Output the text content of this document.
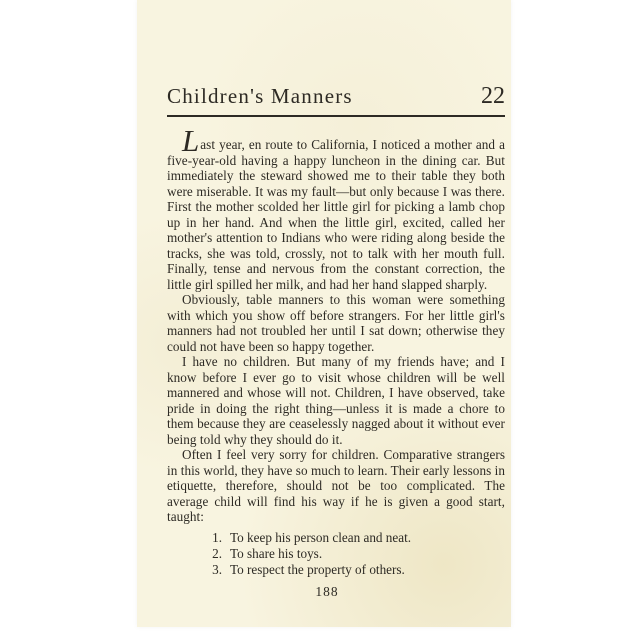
Children's Manners	22

Last year, en route to California, I noticed a mother and a five-year-old having a happy luncheon in the dining car. But immediately the steward showed me to their table they both were miserable. It was my fault—but only because I was there. First the mother scolded her little girl for picking a lamb chop up in her hand. And when the little girl, excited, called her mother's attention to Indians who were riding along beside the tracks, she was told, crossly, not to talk with her mouth full. Finally, tense and nervous from the constant correction, the little girl spilled her milk, and had her hand slapped sharply.

Obviously, table manners to this woman were something with which you show off before strangers. For her little girl's manners had not troubled her until I sat down; otherwise they could not have been so happy together.

I have no children. But many of my friends have; and I know before I ever go to visit whose children will be well mannered and whose will not. Children, I have observed, take pride in doing the right thing—unless it is made a chore to them because they are ceaselessly nagged about it without ever being told why they should do it.

Often I feel very sorry for children. Comparative strangers in this world, they have so much to learn. Their early lessons in etiquette, therefore, should not be too complicated. The average child will find his way if he is given a good start, taught:

1. To keep his person clean and neat.
2. To share his toys.
3. To respect the property of others.
188
